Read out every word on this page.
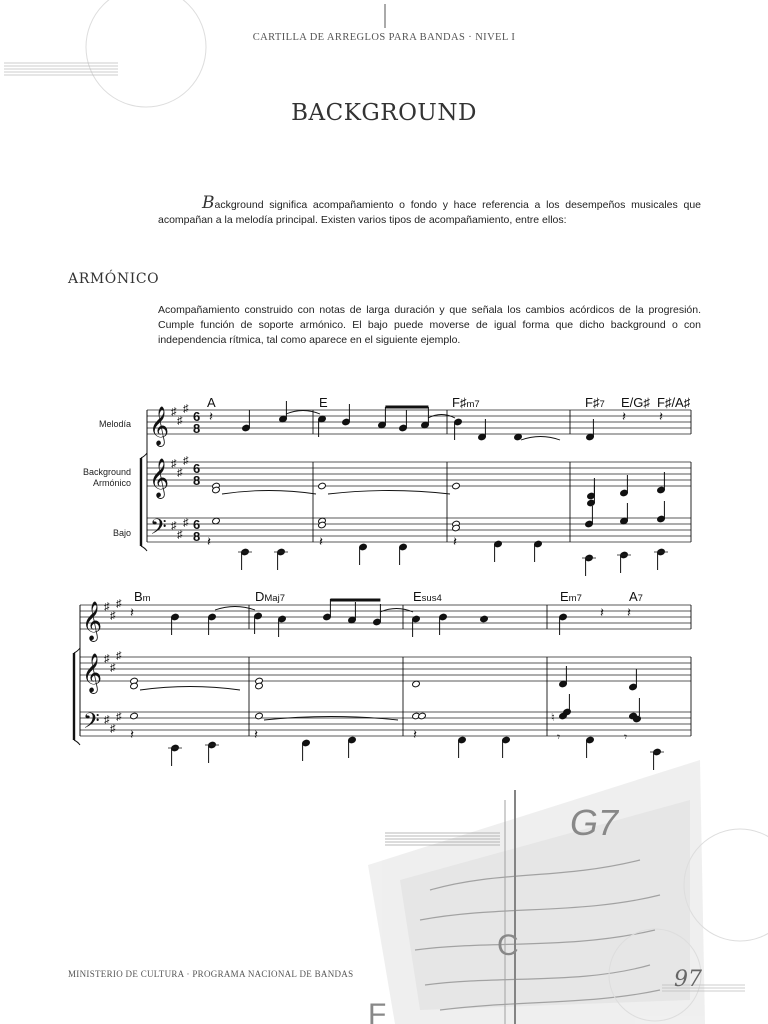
G7
C
F
CARTILLA DE ARREGLOS PARA BANDAS · NIVEL I
BACKGROUND
Background significa acompañamiento o fondo y hace referencia a los desempeños musicales que acompañan a la melodía principal. Existen varios tipos de acompañamiento, entre ellos:
ARMÓNICO
Acompañamiento construido con notas de larga duración y que señala los cambios acórdicos de la progresión. Cumple función de soporte armónico. El bajo puede moverse de igual forma que dicho background o con independencia rítmica, tal como aparece en el siguiente ejemplo.
Melodía
Background
Armónico
Bajo
𝄞
𝄞
𝄢
♯
♯
♯
♯
♯
♯
♯
♯
♯
6
8
6
8
6
8
𝄽	𝄽	𝄽
𝄽	𝄽	𝄽
𝄞
𝄞
𝄢
♯
♯
♯
♯
♯
♯
♯
♯
♯
𝄽	𝄽 𝄽
♮
𝄽	𝄽	𝄽	𝄾	𝄾
A	E	F♯m7	F♯7 E/G♯ F♯/A♯
Bm	DMaj7	Esus4	Em7	A7
MINISTERIO DE CULTURA · PROGRAMA NACIONAL DE BANDAS	97
